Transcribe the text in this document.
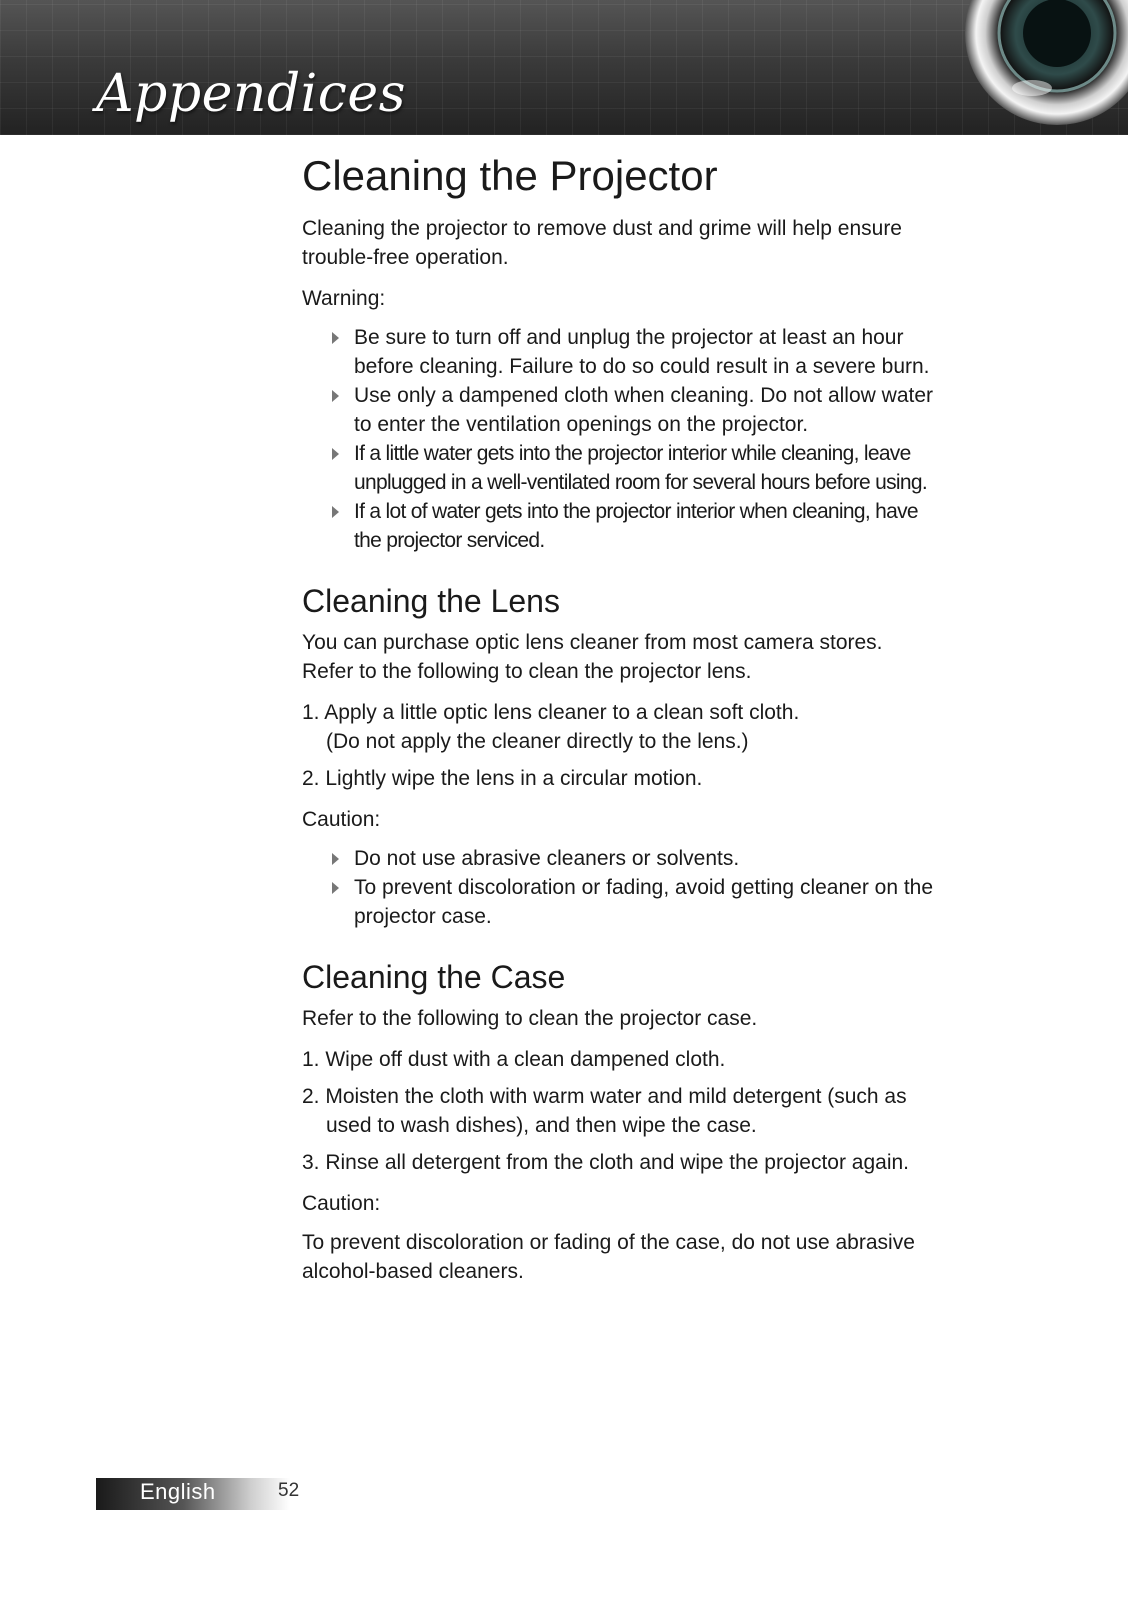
Appendices
Cleaning the Projector

Cleaning the projector to remove dust and grime will help ensure
trouble-free operation.

Warning:

Be sure to turn off and unplug the projector at least an hour
before cleaning. Failure to do so could result in a severe burn.
Use only a dampened cloth when cleaning. Do not allow water
to enter the ventilation openings on the projector.
If a little water gets into the projector interior while cleaning, leave
unplugged in a well-ventilated room for several hours before using.
If a lot of water gets into the projector interior when cleaning, have
the projector serviced.
Cleaning the Lens

You can purchase optic lens cleaner from most camera stores.
Refer to the following to clean the projector lens.

1. Apply a little optic lens cleaner to a clean soft cloth.
(Do not apply the cleaner directly to the lens.)
2. Lightly wipe the lens in a circular motion.

Caution:

Do not use abrasive cleaners or solvents.
To prevent discoloration or fading, avoid getting cleaner on the
projector case.
Cleaning the Case

Refer to the following to clean the projector case.

1. Wipe off dust with a clean dampened cloth.
2. Moisten the cloth with warm water and mild detergent (such as
used to wash dishes), and then wipe the case.
3. Rinse all detergent from the cloth and wipe the projector again.

Caution:

To prevent discoloration or fading of the case, do not use abrasive
alcohol-based cleaners.

English	52
